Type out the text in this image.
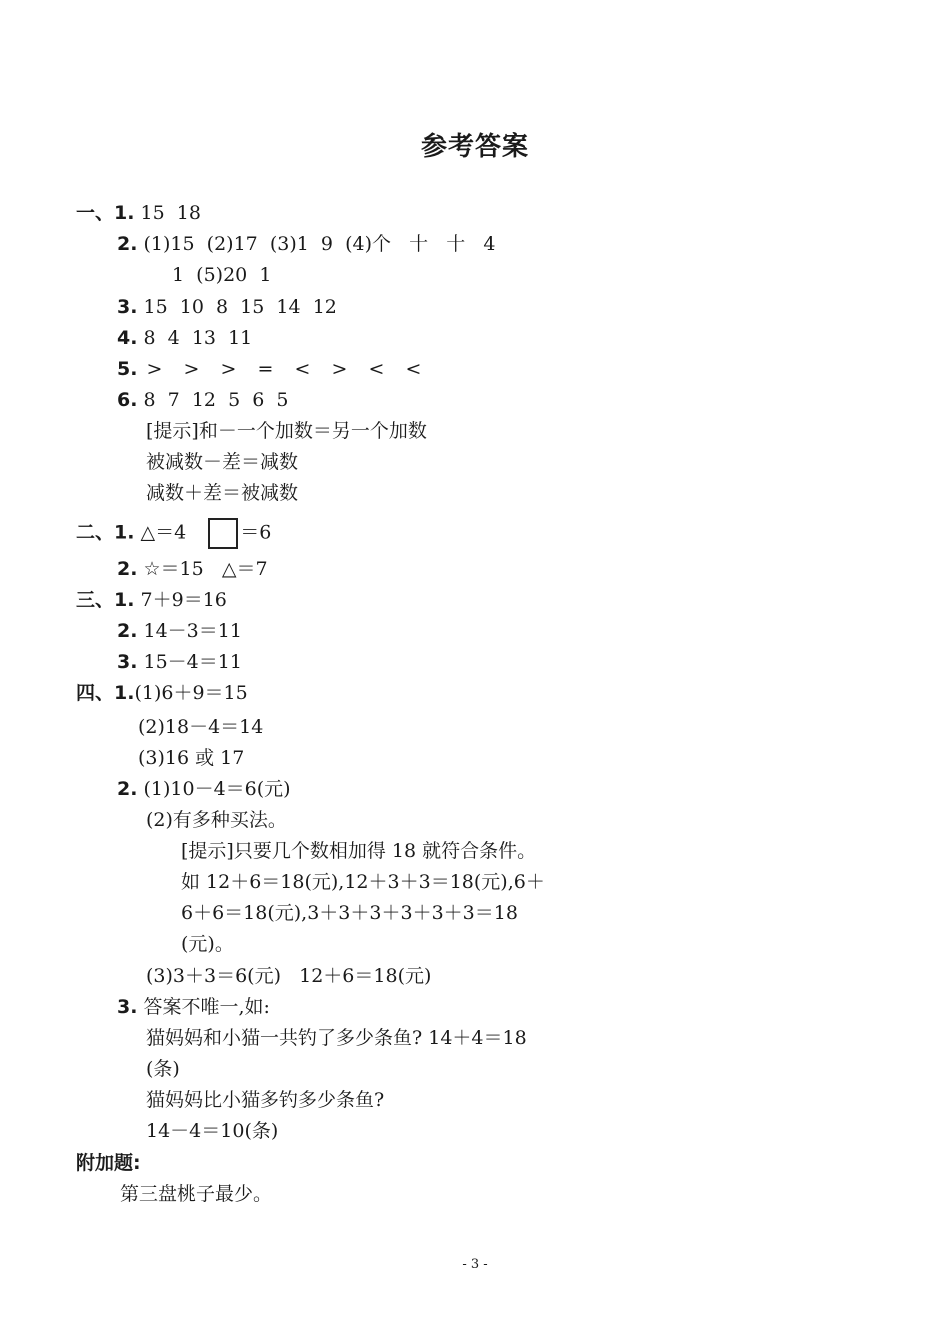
参考答案
一、1. 15  18
2. (1)15  (2)17  (3)1  9  (4)个   十   十   4
1  (5)20  1
3. 15  10  8  15  14  12
4. 8  4  13  11
5. >  >  >  =  <  >  <  <
6. 8  7  12  5  6  5
[提示]和－一个加数＝另一个加数
被减数－差＝减数
减数＋差＝被减数
二、1. △＝4	＝6
2. ☆＝15   △＝7
三、1. 7＋9＝16
2. 14－3＝11
3. 15－4＝11
四、1.(1)6＋9＝15
(2)18－4＝14
(3)16 或 17
2. (1)10－4＝6(元)
(2)有多种买法。
[提示]只要几个数相加得 18 就符合条件。
如 12＋6＝18(元),12＋3＋3＝18(元),6＋
6＋6＝18(元),3＋3＋3＋3＋3＋3＝18
(元)。
(3)3＋3＝6(元)   12＋6＝18(元)
3. 答案不唯一,如:
猫妈妈和小猫一共钓了多少条鱼? 14＋4＝18
(条)
猫妈妈比小猫多钓多少条鱼?
14－4＝10(条)
附加题:
第三盘桃子最少。
- 3 -
